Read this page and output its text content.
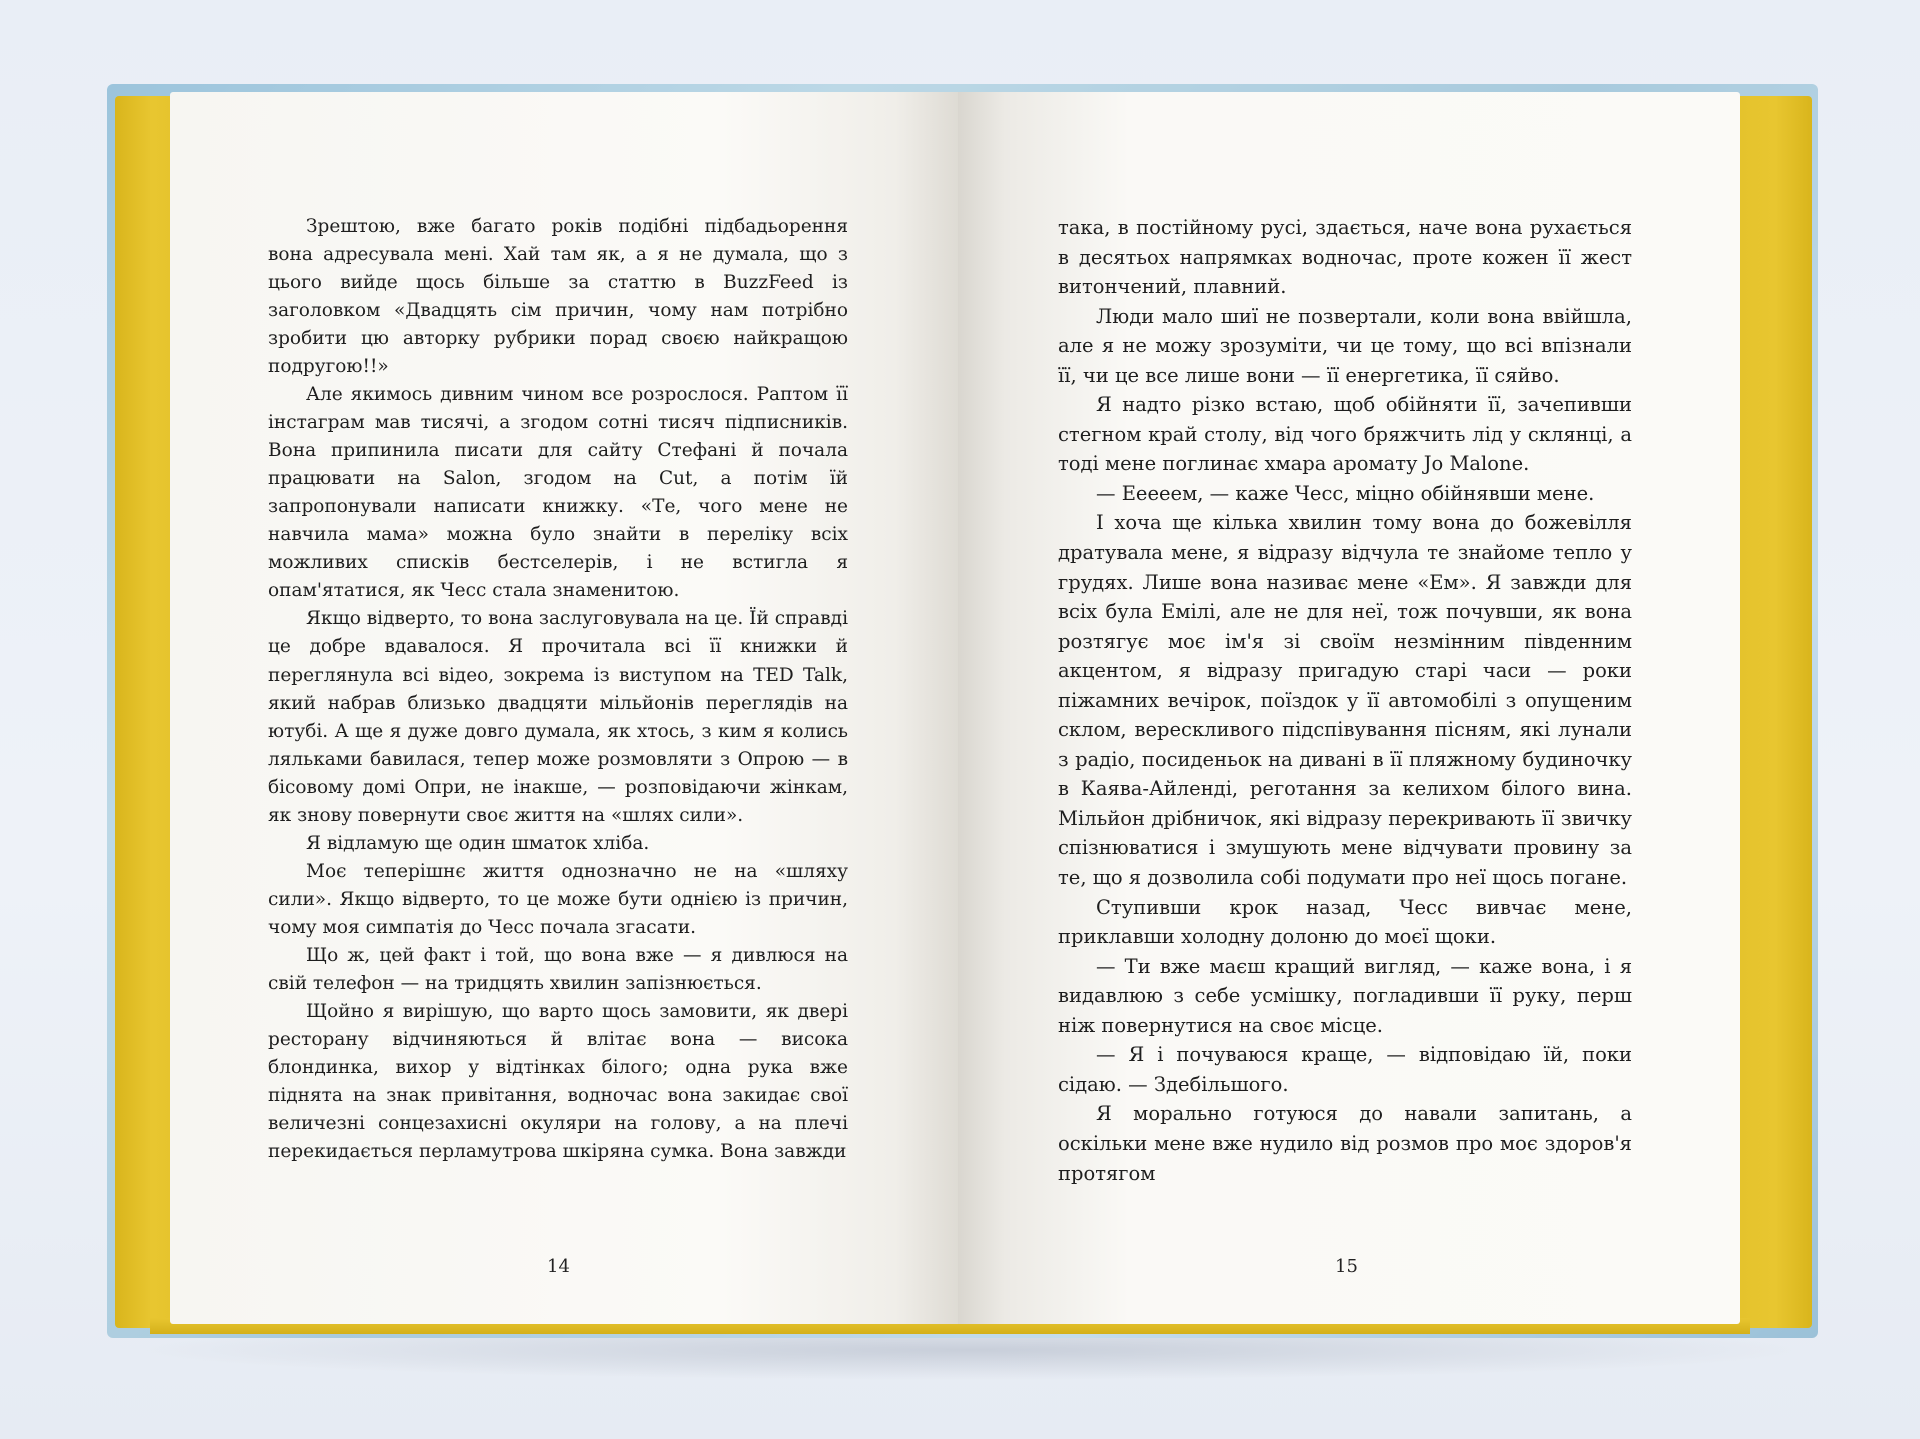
Зрештою, вже багато років подібні підбадьорення вона адресувала мені. Хай там як, а я не думала, що з цього вийде щось більше за статтю в BuzzFeed із заголовком «Двадцять сім причин, чому нам потрібно зробити цю авторку рубрики порад своєю найкращою подругою!!»

Але якимось дивним чином все розрослося. Раптом її інстаграм мав тисячі, а згодом сотні тисяч підписників. Вона припинила писати для сайту Стефані й почала працювати на Salon, згодом на Cut, а потім їй запропонували написати книжку. «Те, чого мене не навчила мама» можна було знайти в переліку всіх можливих списків бестселерів, і не встигла я опам'ятатися, як Чесс стала знаменитою.

Якщо відверто, то вона заслуговувала на це. Їй справді це добре вдавалося. Я прочитала всі її книжки й переглянула всі відео, зокрема із виступом на TED Talk, який набрав близько двадцяти мільйонів переглядів на ютубі. А ще я дуже довго думала, як хтось, з ким я колись ляльками бавилася, тепер може розмовляти з Опрою — в бісовому домі Опри, не інакше, — розповідаючи жінкам, як знову повернути своє життя на «шлях сили».

Я відламую ще один шматок хліба.

Моє теперішнє життя однозначно не на «шляху сили». Якщо відверто, то це може бути однією із причин, чому моя симпатія до Чесс почала згасати.

Що ж, цей факт і той, що вона вже — я дивлюся на свій телефон — на тридцять хвилин запізнюється.

Щойно я вирішую, що варто щось замовити, як двері ресторану відчиняються й влітає вона — висока блондинка, вихор у відтінках білого; одна рука вже піднята на знак привітання, водночас вона закидає свої величезні сонцезахисні окуляри на голову, а на плечі перекидається перламутрова шкіряна сумка. Вона завжди

така, в постійному русі, здається, наче вона рухається в десятьох напрямках водночас, проте кожен її жест витончений, плавний.

Люди мало шиї не позвертали, коли вона ввійшла, але я не можу зрозуміти, чи це тому, що всі впізнали її, чи це все лише вони — її енергетика, її сяйво.

Я надто різко встаю, щоб обійняти її, зачепивши стегном край столу, від чого бряжчить лід у склянці, а тоді мене поглинає хмара аромату Jo Malone.

— Ееееем, — каже Чесс, міцно обійнявши мене.

І хоча ще кілька хвилин тому вона до божевілля дратувала мене, я відразу відчула те знайоме тепло у грудях. Лише вона називає мене «Ем». Я завжди для всіх була Емілі, але не для неї, тож почувши, як вона розтягує моє ім'я зі своїм незмінним південним акцентом, я відразу пригадую старі часи — роки піжамних вечірок, поїздок у її автомобілі з опущеним склом, верескливого підспівування пісням, які лунали з радіо, посиденьок на дивані в її пляжному будиночку в Каява-Айленді, реготання за келихом білого вина. Мільйон дрібничок, які відразу перекривають її звичку спізнюватися і змушують мене відчувати провину за те, що я дозволила собі подумати про неї щось погане.

Ступивши крок назад, Чесс вивчає мене, приклавши холодну долоню до моєї щоки.

— Ти вже маєш кращий вигляд, — каже вона, і я видавлюю з себе усмішку, погладивши її руку, перш ніж повернутися на своє місце.

— Я і почуваюся краще, — відповідаю їй, поки сідаю. — Здебільшого.

Я морально готуюся до навали запитань, а оскільки мене вже нудило від розмов про моє здоров'я протягом

14	15
